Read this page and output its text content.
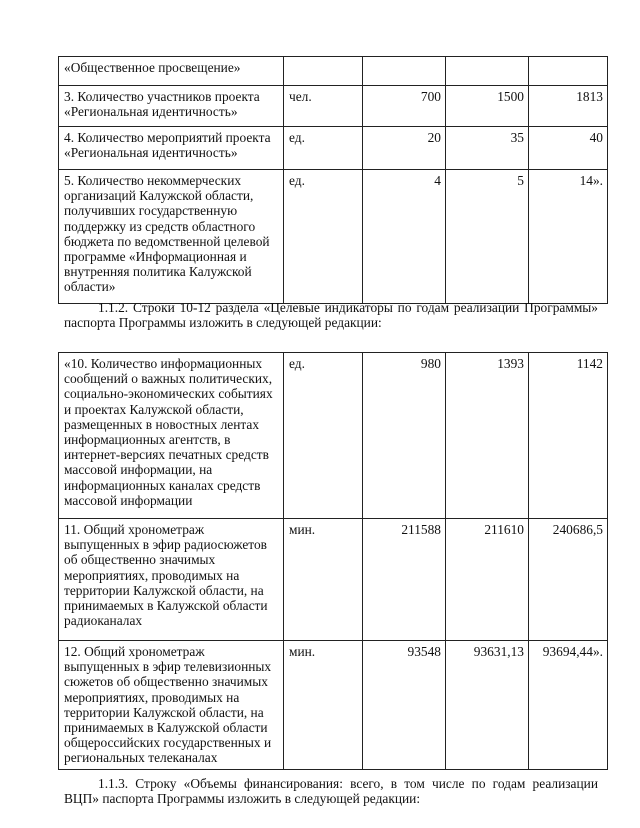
«Общественное просвещение»				
3. Количество участников проекта «Региональная идентичность»	чел.	700	1500	1813
4. Количество мероприятий проекта «Региональная идентичность»	ед.	20	35	40
5. Количество некоммерческих организаций Калужской области, получивших государственную поддержку из средств областного бюджета по ведомственной целевой программе «Информационная и внутренняя политика Калужской области»	ед.	4	5	14».

1.1.2. Строки 10-12 раздела «Целевые индикаторы по годам реализации Программы» паспорта Программы изложить в следующей редакции:

«10. Количество информационных сообщений о важных политических, социально-экономических событиях и проектах Калужской области, размещенных в новостных лентах информационных агентств, в интернет-версиях печатных средств массовой информации, на информационных каналах средств массовой информации	ед.	980	1393	1142
11. Общий хронометраж выпущенных в эфир радиосюжетов об общественно значимых мероприятиях, проводимых на территории Калужской области, на принимаемых в Калужской области радиоканалах	мин.	211588	211610	240686,5
12. Общий хронометраж выпущенных в эфир телевизионных сюжетов об общественно значимых мероприятиях, проводимых на территории Калужской области, на принимаемых в Калужской области общероссийских государственных и региональных телеканалах	мин.	93548	93631,13	93694,44».

1.1.3. Строку «Объемы финансирования: всего, в том числе по годам реализации ВЦП» паспорта Программы изложить в следующей редакции:
